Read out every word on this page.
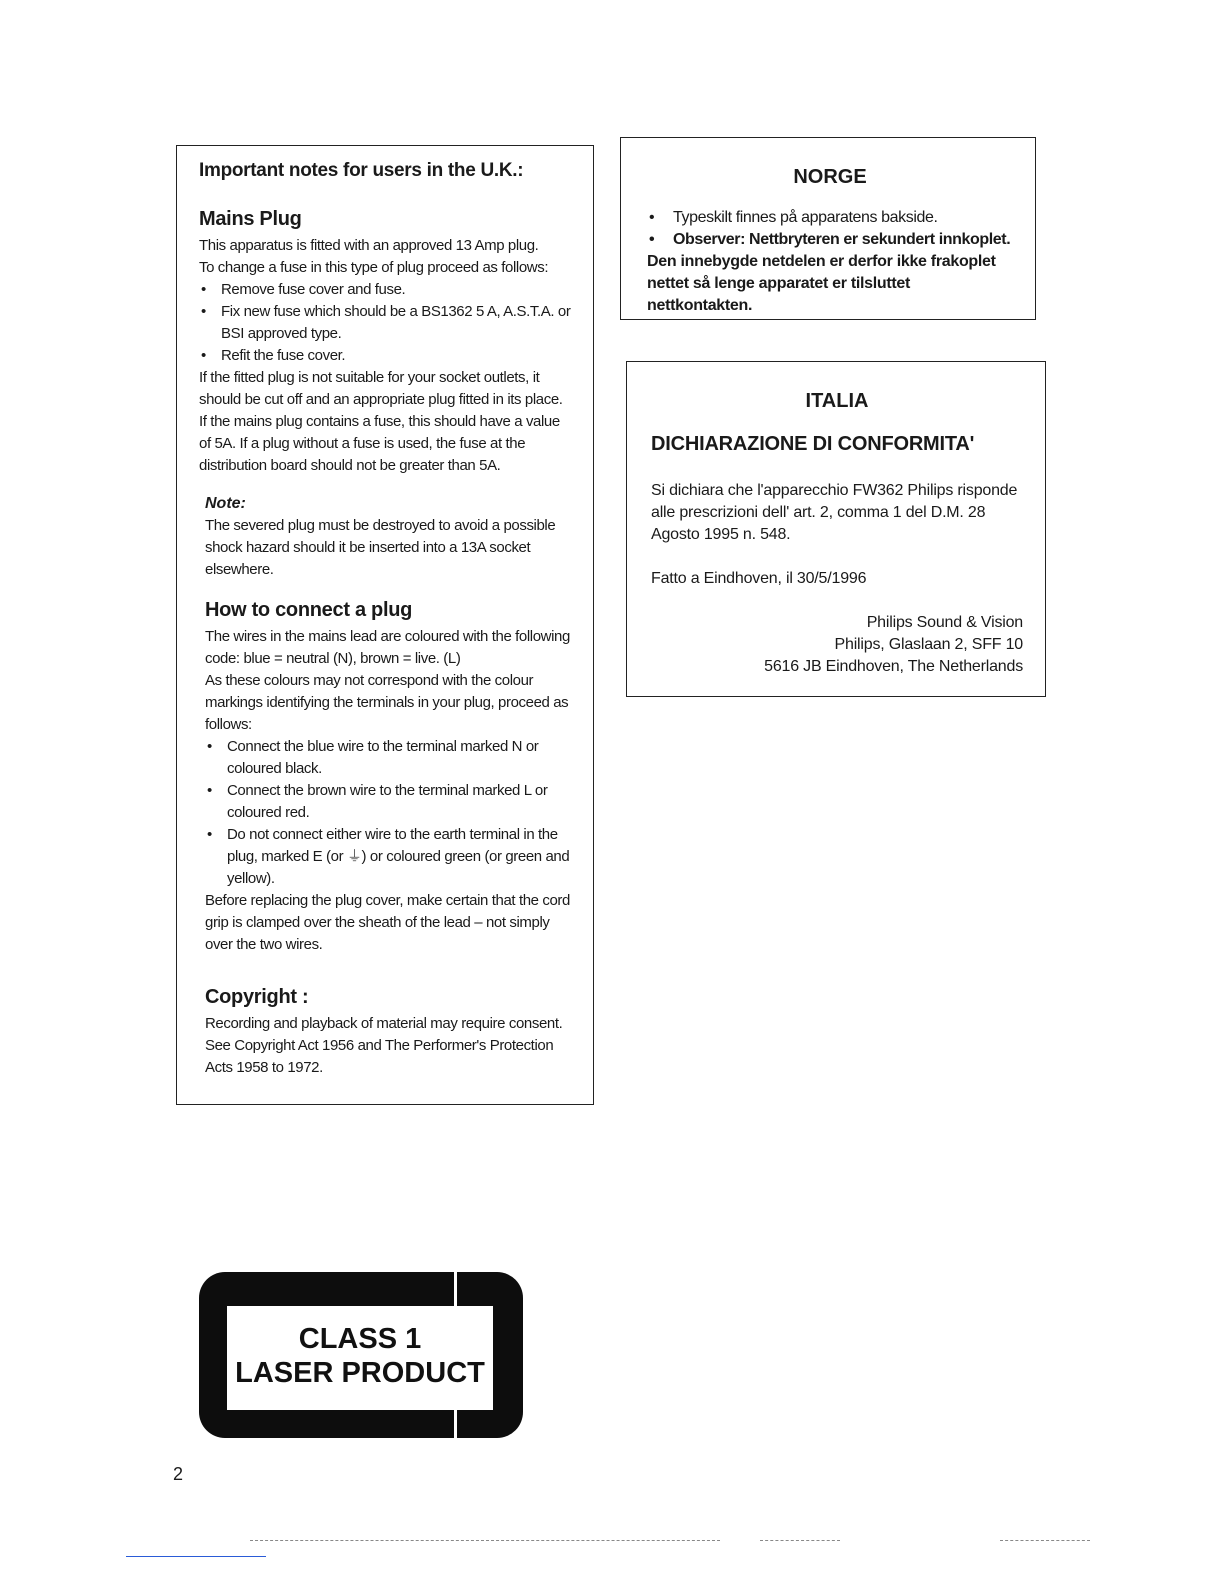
Important notes for users in the U.K.:
Mains Plug

This apparatus is fitted with an approved 13 Amp plug.

To change a fuse in this type of plug proceed as follows:

• Remove fuse cover and fuse.
• Fix new fuse which should be a BS1362 5 A, A.S.T.A. or BSI approved type.
• Refit the fuse cover.

If the fitted plug is not suitable for your socket outlets, it should be cut off and an appropriate plug fitted in its place.

If the mains plug contains a fuse, this should have a value of 5A. If a plug without a fuse is used, the fuse at the distribution board should not be greater than 5A.

Note:

The severed plug must be destroyed to avoid a possible shock hazard should it be inserted into a 13A socket elsewhere.

How to connect a plug

The wires in the mains lead are coloured with the following code: blue = neutral (N), brown = live. (L)

As these colours may not correspond with the colour markings identifying the terminals in your plug, proceed as follows:

• Connect the blue wire to the terminal marked N or coloured black.
• Connect the brown wire to the terminal marked L or coloured red.
• Do not connect either wire to the earth terminal in the plug, marked E (or ⏚) or coloured green (or green and yellow).

Before replacing the plug cover, make certain that the cord grip is clamped over the sheath of the lead – not simply over the two wires.

Copyright :

Recording and playback of material may require consent. See Copyright Act 1956 and The Performer's Protection Acts 1958 to 1972.

NORGE
• Typeskilt finnes på apparatens bakside.
• Observer: Nettbryteren er sekundert innkoplet.

Den innebygde netdelen er derfor ikke frakoplet nettet så lenge apparatet er tilsluttet nettkontakten.

ITALIA
DICHIARAZIONE DI CONFORMITA'

Si dichiara che l'apparecchio FW362 Philips risponde alle prescrizioni dell' art. 2, comma 1 del D.M. 28 Agosto 1995 n. 548.

Fatto a Eindhoven, il 30/5/1996

Philips Sound & Vision

Philips, Glaslaan 2, SFF 10

5616 JB Eindhoven, The Netherlands

CLASS 1
LASER PRODUCT
2
